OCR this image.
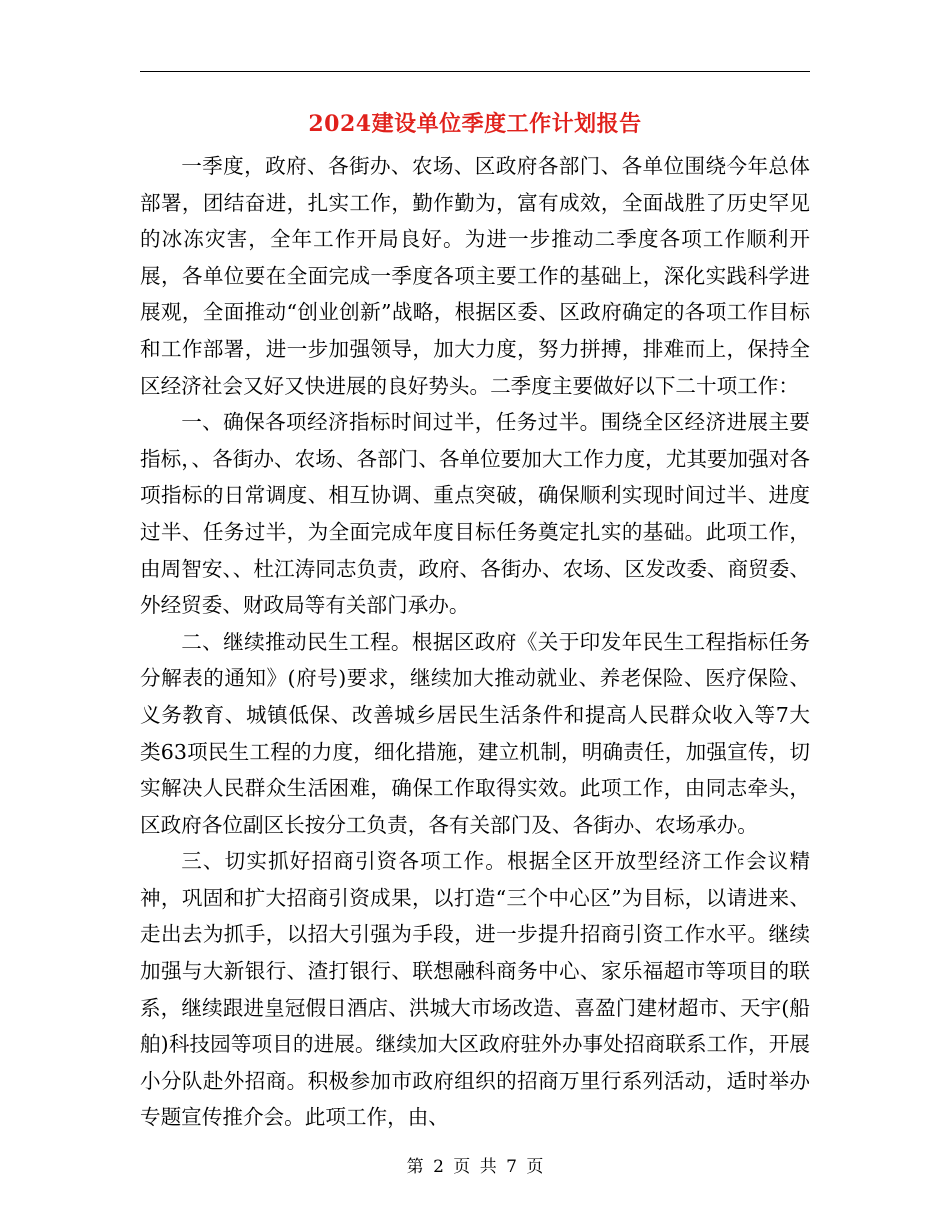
2024建设单位季度工作计划报告

一季度，政府、各街办、农场、区政府各部门、各单位围绕今年总体部署，团结奋进，扎实工作，勤作勤为，富有成效，全面战胜了历史罕见的冰冻灾害，全年工作开局良好。为进一步推动二季度各项工作顺利开展，各单位要在全面完成一季度各项主要工作的基础上，深化实践科学进展观，全面推动“创业创新”战略，根据区委、区政府确定的各项工作目标和工作部署，进一步加强领导，加大力度，努力拼搏，排难而上，保持全区经济社会又好又快进展的良好势头。二季度主要做好以下二十项工作：

一、确保各项经济指标时间过半，任务过半。围绕全区经济进展主要指标，、各街办、农场、各部门、各单位要加大工作力度，尤其要加强对各项指标的日常调度、相互协调、重点突破，确保顺利实现时间过半、进度过半、任务过半，为全面完成年度目标任务奠定扎实的基础。此项工作，由周智安、、杜江涛同志负责，政府、各街办、农场、区发改委、商贸委、外经贸委、财政局等有关部门承办。

二、继续推动民生工程。根据区政府《关于印发年民生工程指标任务分解表的通知》(府号)要求，继续加大推动就业、养老保险、医疗保险、义务教育、城镇低保、改善城乡居民生活条件和提高人民群众收入等7大类63项民生工程的力度，细化措施，建立机制，明确责任，加强宣传，切实解决人民群众生活困难，确保工作取得实效。此项工作，由同志牵头，区政府各位副区长按分工负责，各有关部门及、各街办、农场承办。

三、切实抓好招商引资各项工作。根据全区开放型经济工作会议精神，巩固和扩大招商引资成果，以打造“三个中心区”为目标，以请进来、走出去为抓手，以招大引强为手段，进一步提升招商引资工作水平。继续加强与大新银行、渣打银行、联想融科商务中心、家乐福超市等项目的联系，继续跟进皇冠假日酒店、洪城大市场改造、喜盈门建材超市、天宇(船舶)科技园等项目的进展。继续加大区政府驻外办事处招商联系工作，开展小分队赴外招商。积极参加市政府组织的招商万里行系列活动，适时举办专题宣传推介会。此项工作，由、

第 2 页 共 7 页
